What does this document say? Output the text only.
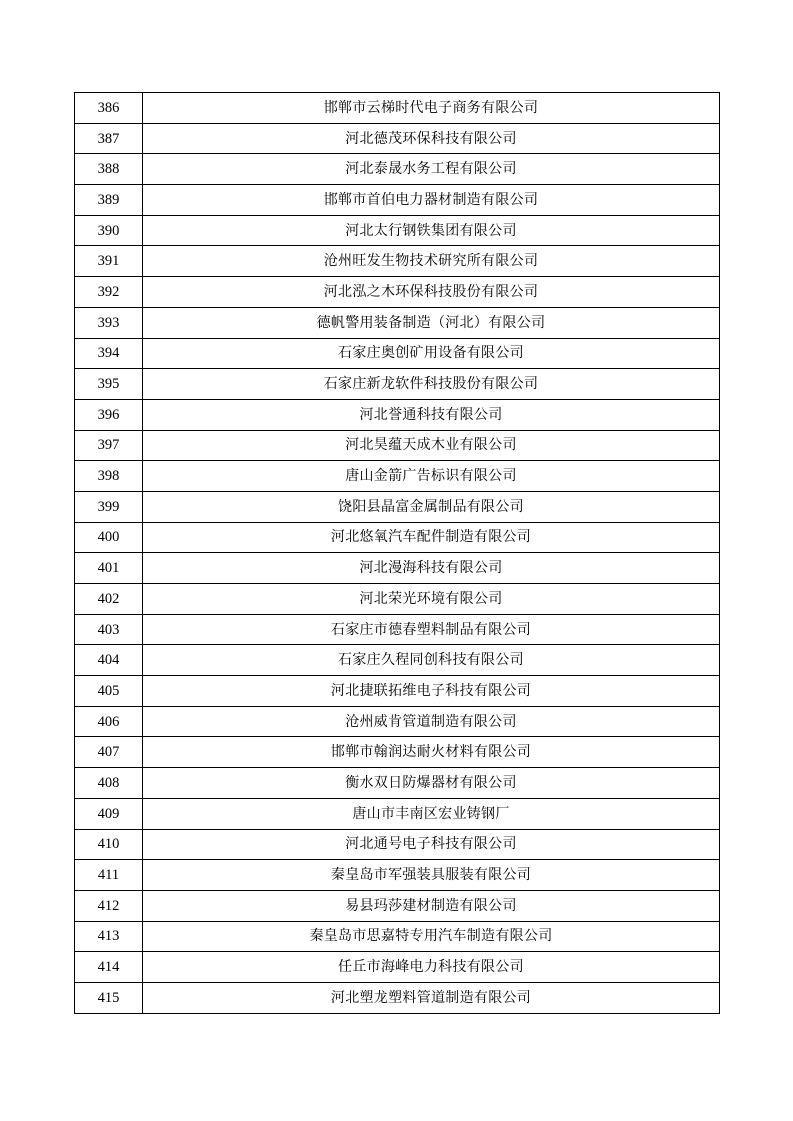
386	邯郸市云梯时代电子商务有限公司
387	河北德茂环保科技有限公司
388	河北泰晟水务工程有限公司
389	邯郸市首伯电力器材制造有限公司
390	河北太行钢铁集团有限公司
391	沧州旺发生物技术研究所有限公司
392	河北泓之木环保科技股份有限公司
393	德帆警用装备制造（河北）有限公司
394	石家庄奥创矿用设备有限公司
395	石家庄新龙软件科技股份有限公司
396	河北誉通科技有限公司
397	河北昊蕴天成木业有限公司
398	唐山金箭广告标识有限公司
399	饶阳县晶富金属制品有限公司
400	河北悠氧汽车配件制造有限公司
401	河北漫海科技有限公司
402	河北荣光环境有限公司
403	石家庄市德春塑料制品有限公司
404	石家庄久程同创科技有限公司
405	河北捷联拓维电子科技有限公司
406	沧州威肯管道制造有限公司
407	邯郸市翰润达耐火材料有限公司
408	衡水双日防爆器材有限公司
409	唐山市丰南区宏业铸钢厂
410	河北通号电子科技有限公司
411	秦皇岛市军强装具服装有限公司
412	易县玛莎建材制造有限公司
413	秦皇岛市思嘉特专用汽车制造有限公司
414	任丘市海峰电力科技有限公司
415	河北塑龙塑料管道制造有限公司
